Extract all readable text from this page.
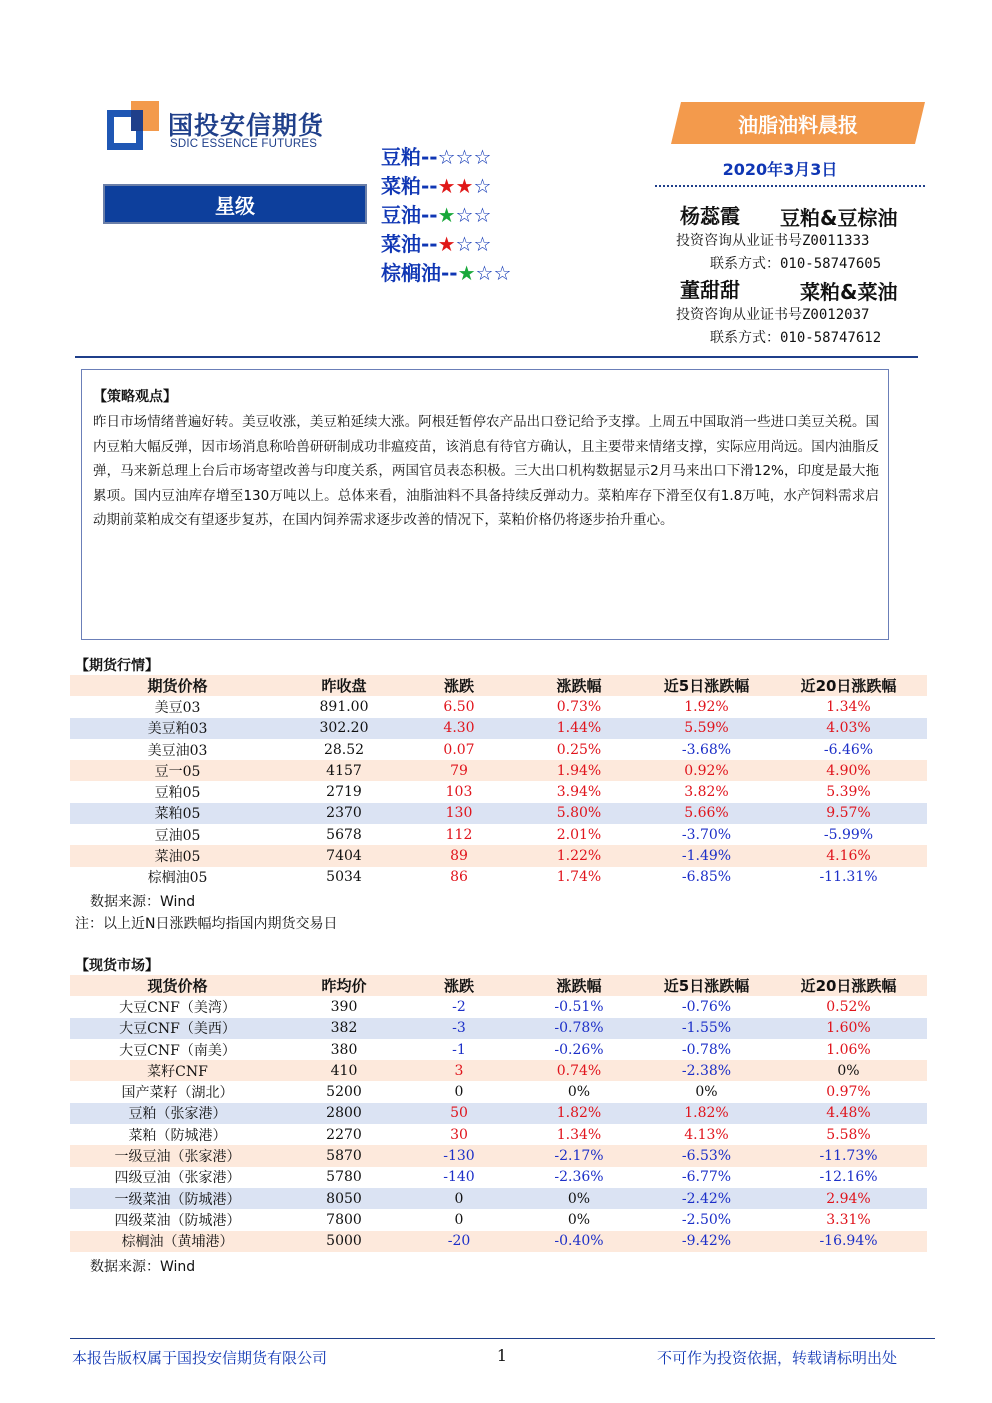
国投安信期货
SDIC ESSENCE FUTURES
星级
豆粕--☆☆☆
菜粕--★★☆
豆油--★☆☆
菜油--★☆☆
棕榈油--★☆☆
油脂油料晨报
2020年3月3日
杨蕊霞 豆粕&豆棕油
投资咨询从业证书号Z0011333
联系方式：010-58747605
董甜甜	菜粕&菜油
投资咨询从业证书号Z0012037
联系方式：010-58747612
【策略观点】
昨日市场情绪普遍好转。美豆收涨，美豆粕延续大涨。阿根廷暂停农产品出口登记给予支撑。上周五中国取消一些进口美豆关税。国内豆粕大幅反弹，因市场消息称哈兽研研制成功非瘟疫苗，该消息有待官方确认，且主要带来情绪支撑，实际应用尚远。国内油脂反弹，马来新总理上台后市场寄望改善与印度关系，两国官员表态积极。三大出口机构数据显示2月马来出口下滑12%，印度是最大拖累项。国内豆油库存增至130万吨以上。总体来看，油脂油料不具备持续反弹动力。菜粕库存下滑至仅有1.8万吨，水产饲料需求启动期前菜粕成交有望逐步复苏，在国内饲养需求逐步改善的情况下，菜粕价格仍将逐步抬升重心。
【期货行情】
期货价格	昨收盘	涨跌	涨跌幅	近5日涨跌幅	近20日涨跌幅
美豆03	891.00	6.50	0.73%	1.92%	1.34%
美豆粕03	302.20	4.30	1.44%	5.59%	4.03%
美豆油03	28.52	0.07	0.25%	-3.68%	-6.46%
豆一05	4157	79	1.94%	0.92%	4.90%
豆粕05	2719	103	3.94%	3.82%	5.39%
菜粕05	2370	130	5.80%	5.66%	9.57%
豆油05	5678	112	2.01%	-3.70%	-5.99%
菜油05	7404	89	1.22%	-1.49%	4.16%
棕榈油05	5034	86	1.74%	-6.85%	-11.31%
数据来源：Wind
注：以上近N日涨跌幅均指国内期货交易日
【现货市场】
现货价格	昨均价	涨跌	涨跌幅	近5日涨跌幅	近20日涨跌幅
大豆CNF（美湾）	390	-2	-0.51%	-0.76%	0.52%
大豆CNF（美西）	382	-3	-0.78%	-1.55%	1.60%
大豆CNF（南美）	380	-1	-0.26%	-0.78%	1.06%
菜籽CNF	410	3	0.74%	-2.38%	0%
国产菜籽（湖北）	5200	0	0%	0%	0.97%
豆粕（张家港）	2800	50	1.82%	1.82%	4.48%
菜粕（防城港）	2270	30	1.34%	4.13%	5.58%
一级豆油（张家港）	5870	-130	-2.17%	-6.53%	-11.73%
四级豆油（张家港）	5780	-140	-2.36%	-6.77%	-12.16%
一级菜油（防城港）	8050	0	0%	-2.42%	2.94%
四级菜油（防城港）	7800	0	0%	-2.50%	3.31%
棕榈油（黄埔港）	5000	-20	-0.40%	-9.42%	-16.94%
数据来源：Wind
本报告版权属于国投安信期货有限公司	1	不可作为投资依据，转载请标明出处
